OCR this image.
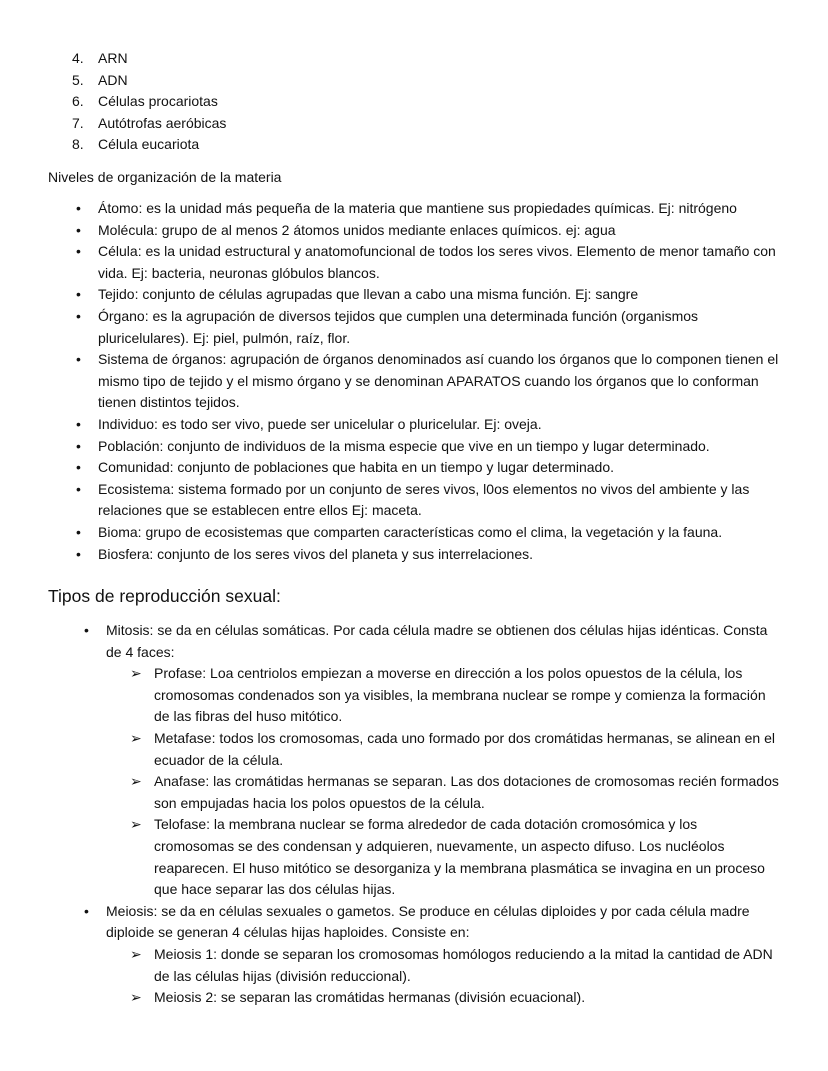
4.	ARN
5.	ADN
6.	Células procariotas
7.	Autótrofas aeróbicas
8.	Célula eucariota

Niveles de organización de la materia

• Átomo: es la unidad más pequeña de la materia que mantiene sus propiedades químicas. Ej: nitrógeno
• Molécula: grupo de al menos 2 átomos unidos mediante enlaces químicos. ej: agua
• Célula: es la unidad estructural y anatomofuncional de todos los seres vivos. Elemento de menor tamaño con vida. Ej: bacteria, neuronas glóbulos blancos.
• Tejido: conjunto de células agrupadas que llevan a cabo una misma función. Ej: sangre
• Órgano: es la agrupación de diversos tejidos que cumplen una determinada función (organismos pluricelulares). Ej: piel, pulmón, raíz, flor.
• Sistema de órganos: agrupación de órganos denominados así cuando los órganos que lo componen tienen el mismo tipo de tejido y el mismo órgano y se denominan APARATOS cuando los órganos que lo conforman tienen distintos tejidos.
• Individuo: es todo ser vivo, puede ser unicelular o pluricelular. Ej: oveja.
• Población: conjunto de individuos de la misma especie que vive en un tiempo y lugar determinado.
• Comunidad: conjunto de poblaciones que habita en un tiempo y lugar determinado.
• Ecosistema: sistema formado por un conjunto de seres vivos, l0os elementos no vivos del ambiente y las relaciones que se establecen entre ellos Ej: maceta.
• Bioma: grupo de ecosistemas que comparten características como el clima, la vegetación y la fauna.
• Biosfera: conjunto de los seres vivos del planeta y sus interrelaciones.
Tipos de reproducción sexual:
• Mitosis: se da en células somáticas. Por cada célula madre se obtienen dos células hijas idénticas. Consta de 4 faces:
➢ Profase: Loa centriolos empiezan a moverse en dirección a los polos opuestos de la célula, los cromosomas condenados son ya visibles, la membrana nuclear se rompe y comienza la formación de las fibras del huso mitótico.
➢ Metafase: todos los cromosomas, cada uno formado por dos cromátidas hermanas, se alinean en el ecuador de la célula.
➢ Anafase: las cromátidas hermanas se separan. Las dos dotaciones de cromosomas recién formados son empujadas hacia los polos opuestos de la célula.
➢ Telofase: la membrana nuclear se forma alrededor de cada dotación cromosómica y los cromosomas se des condensan y adquieren, nuevamente, un aspecto difuso. Los nucléolos reaparecen. El huso mitótico se desorganiza y la membrana plasmática se invagina en un proceso que hace separar las dos células hijas.
• Meiosis: se da en células sexuales o gametos. Se produce en células diploides y por cada célula madre diploide se generan 4 células hijas haploides. Consiste en:
➢ Meiosis 1: donde se separan los cromosomas homólogos reduciendo a la mitad la cantidad de ADN de las células hijas (división reduccional).
➢ Meiosis 2: se separan las cromátidas hermanas (división ecuacional).
